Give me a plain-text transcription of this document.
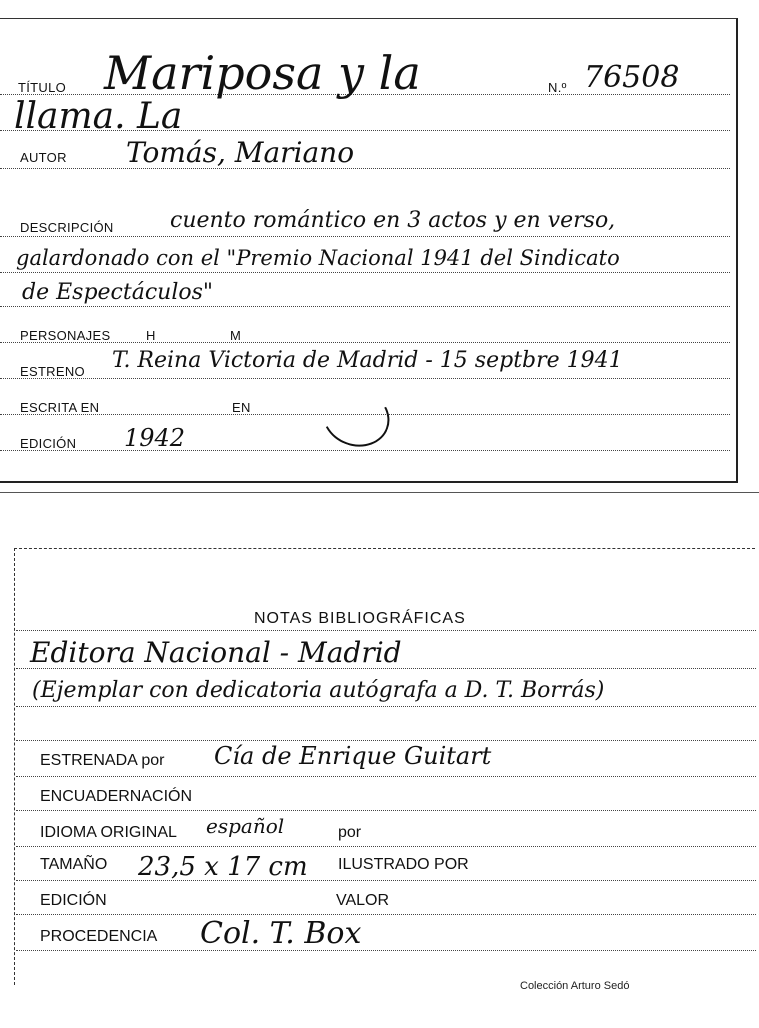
TÍTULO Mariposa y la	N.º 76508
llama. La
AUTOR Tomás, Mariano
DESCRIPCIÓN	cuento romántico en 3 actos y en verso,
galardonado con el "Premio Nacional 1941 del Sindicato
de Espectáculos"
PERSONAJES	H	M
ESTRENO T. Reina Victoria de Madrid - 15 septbre 1941
ESCRITA EN	EN
EDICIÓN 1942
NOTAS BIBLIOGRÁFICAS
Editora Nacional - Madrid
(Ejemplar con dedicatoria autógrafa a D. T. Borrás)
ESTRENADA por Cía de Enrique Guitart
ENCUADERNACIÓN
IDIOMA ORIGINAL español	por
TAMAÑO 23,5 x 17 cm ILUSTRADO POR
EDICIÓN	VALOR
PROCEDENCIA Col. T. Box
Colección Arturo Sedó
